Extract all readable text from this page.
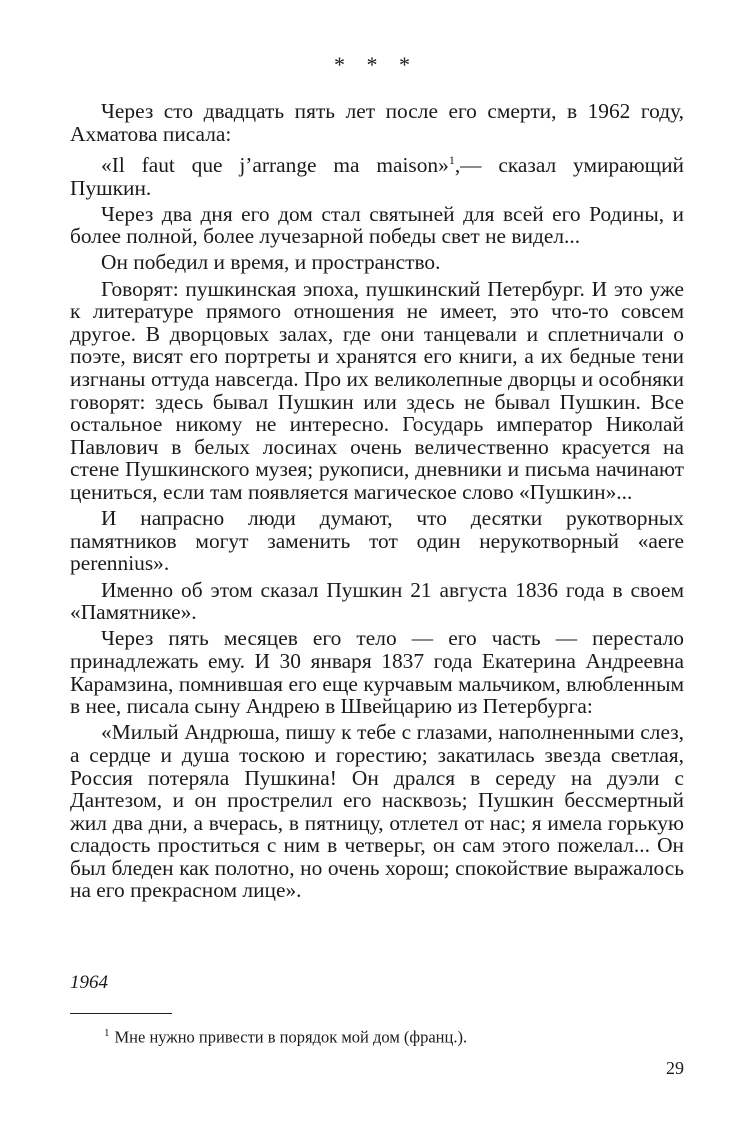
* * *

Через сто двадцать пять лет после его смерти, в 1962 году, Ахматова писала:

«Il faut que j’arrange ma maison»$^1$,— сказал умирающий Пушкин.

Через два дня его дом стал святыней для всей его Родины, и более полной, более лучезарной победы свет не видел...

Он победил и время, и пространство.

Говорят: пушкинская эпоха, пушкинский Петербург. И это уже к литературе прямого отношения не имеет, это что-то совсем другое. В дворцовых залах, где они танцевали и сплетничали о поэте, висят его портреты и хранятся его книги, а их бедные тени изгнаны оттуда навсегда. Про их великолепные дворцы и особняки говорят: здесь бывал Пушкин или здесь не бывал Пушкин. Все остальное никому не интересно. Государь император Николай Павлович в белых лосинах очень величественно красуется на стене Пушкинского музея; рукописи, дневники и письма начинают цениться, если там появляется магическое слово «Пушкин»...

И напрасно люди думают, что десятки рукотворных памятников могут заменить тот один нерукотворный «aere perennius».

Именно об этом сказал Пушкин 21 августа 1836 года в своем «Памятнике».

Через пять месяцев его тело — его часть — перестало принадлежать ему. И 30 января 1837 года Екатерина Андреевна Карамзина, помнившая его еще курчавым мальчиком, влюбленным в нее, писала сыну Андрею в Швейцарию из Петербурга:

«Милый Андрюша, пишу к тебе с глазами, наполненными слез, а сердце и душа тоскою и горестию; закатилась звезда светлая, Россия потеряла Пушкина! Он дрался в середу на дуэли с Дантезом, и он прострелил его насквозь; Пушкин бессмертный жил два дни, а вчерась, в пятницу, отлетел от нас; я имела горькую сладость проститься с ним в четверьг, он сам этого пожелал... Он был бледен как полотно, но очень хорош; спокойствие выражалось на его прекрасном лице».

1964
$^1$ Мне нужно привести в порядок мой дом (франц.).
29
